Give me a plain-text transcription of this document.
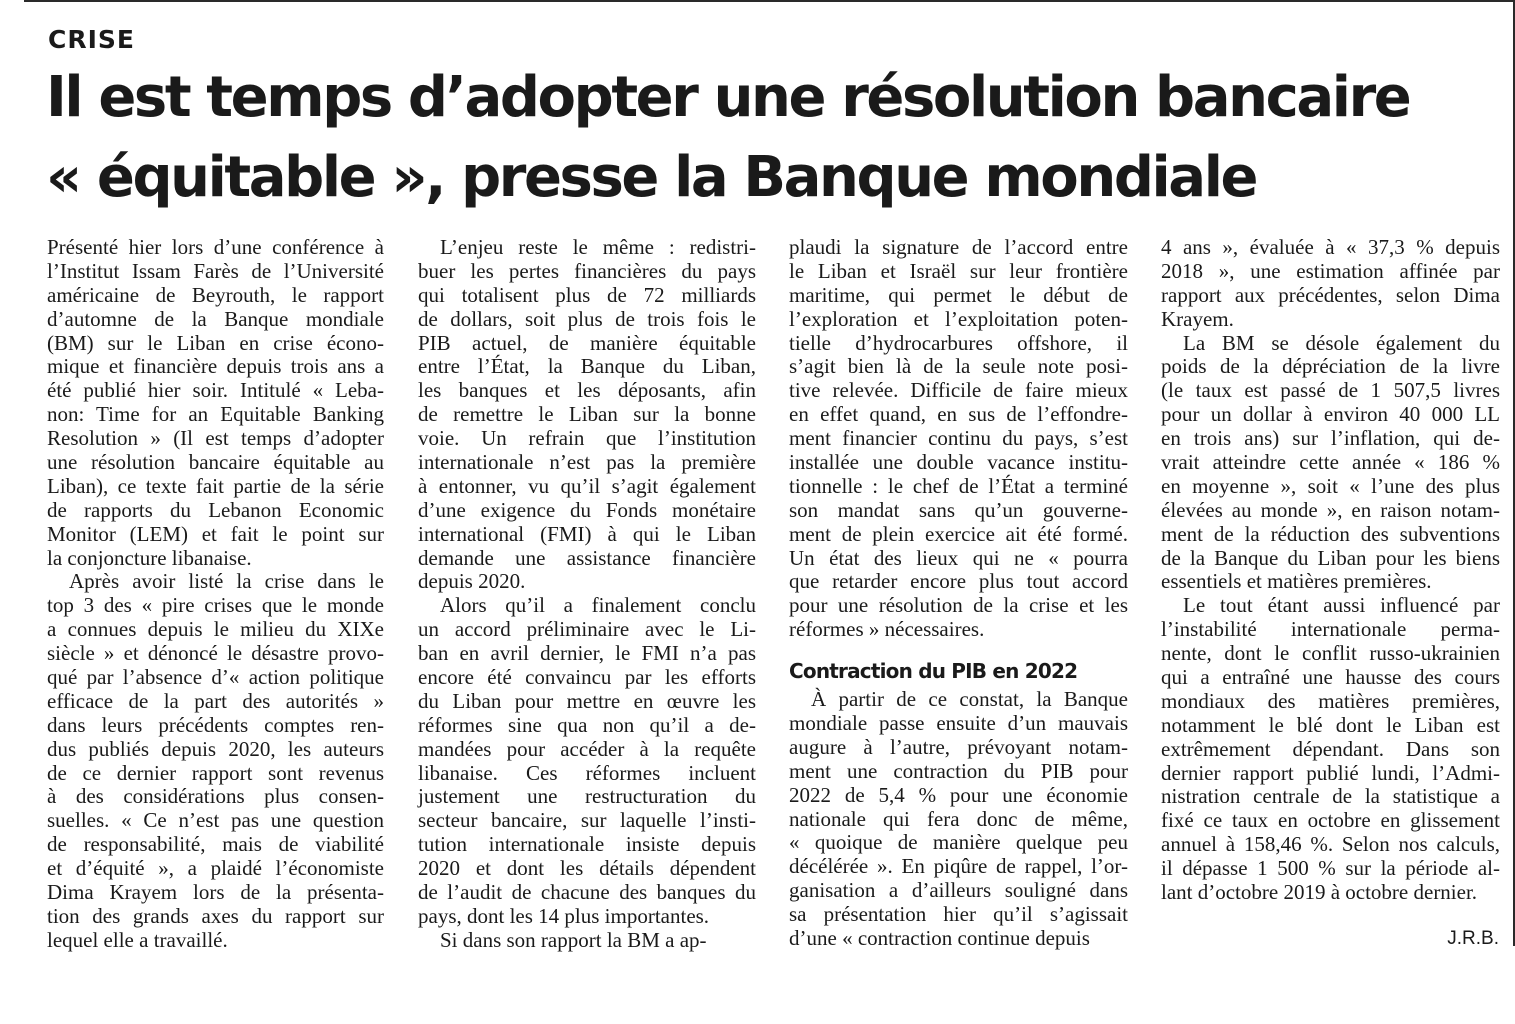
CRISE
Il est temps d’adopter une résolution bancaire
« équitable », presse la Banque mondiale
Présenté hier lors d’une conférence à
l’Institut Issam Farès de l’Université
américaine de Beyrouth, le rapport
d’automne de la Banque mondiale
(BM) sur le Liban en crise écono-
mique et financière depuis trois ans a
été publié hier soir. Intitulé « Leba-
non: Time for an Equitable Banking
Resolution » (Il est temps d’adopter
une résolution bancaire équitable au
Liban), ce texte fait partie de la série
de rapports du Lebanon Economic
Monitor (LEM) et fait le point sur
la conjoncture libanaise.
Après avoir listé la crise dans le
top 3 des « pire crises que le monde
a connues depuis le milieu du XIXe
siècle » et dénoncé le désastre provo-
qué par l’absence d’« action politique
efficace de la part des autorités »
dans leurs précédents comptes ren-
dus publiés depuis 2020, les auteurs
de ce dernier rapport sont revenus
à des considérations plus consen-
suelles. « Ce n’est pas une question
de responsabilité, mais de viabilité
et d’équité », a plaidé l’économiste
Dima Krayem lors de la présenta-
tion des grands axes du rapport sur
lequel elle a travaillé.
L’enjeu reste le même : redistri-
buer les pertes financières du pays
qui totalisent plus de 72 milliards
de dollars, soit plus de trois fois le
PIB actuel, de manière équitable
entre l’État, la Banque du Liban,
les banques et les déposants, afin
de remettre le Liban sur la bonne
voie. Un refrain que l’institution
internationale n’est pas la première
à entonner, vu qu’il s’agit également
d’une exigence du Fonds monétaire
international (FMI) à qui le Liban
demande une assistance financière
depuis 2020.
Alors qu’il a finalement conclu
un accord préliminaire avec le Li-
ban en avril dernier, le FMI n’a pas
encore été convaincu par les efforts
du Liban pour mettre en œuvre les
réformes sine qua non qu’il a de-
mandées pour accéder à la requête
libanaise. Ces réformes incluent
justement une restructuration du
secteur bancaire, sur laquelle l’insti-
tution internationale insiste depuis
2020 et dont les détails dépendent
de l’audit de chacune des banques du
pays, dont les 14 plus importantes.
Si dans son rapport la BM a ap-
plaudi la signature de l’accord entre
le Liban et Israël sur leur frontière
maritime, qui permet le début de
l’exploration et l’exploitation poten-
tielle d’hydrocarbures offshore, il
s’agit bien là de la seule note posi-
tive relevée. Difficile de faire mieux
en effet quand, en sus de l’effondre-
ment financier continu du pays, s’est
installée une double vacance institu-
tionnelle : le chef de l’État a terminé
son mandat sans qu’un gouverne-
ment de plein exercice ait été formé.
Un état des lieux qui ne « pourra
que retarder encore plus tout accord
pour une résolution de la crise et les
réformes » nécessaires.
Contraction du PIB en 2022
À partir de ce constat, la Banque
mondiale passe ensuite d’un mauvais
augure à l’autre, prévoyant notam-
ment une contraction du PIB pour
2022 de 5,4 % pour une économie
nationale qui fera donc de même,
« quoique de manière quelque peu
décélérée ». En piqûre de rappel, l’or-
ganisation a d’ailleurs souligné dans
sa présentation hier qu’il s’agissait
d’une « contraction continue depuis
4 ans », évaluée à « 37,3 % depuis
2018 », une estimation affinée par
rapport aux précédentes, selon Dima
Krayem.
La BM se désole également du
poids de la dépréciation de la livre
(le taux est passé de 1 507,5 livres
pour un dollar à environ 40 000 LL
en trois ans) sur l’inflation, qui de-
vrait atteindre cette année « 186 %
en moyenne », soit « l’une des plus
élevées au monde », en raison notam-
ment de la réduction des subventions
de la Banque du Liban pour les biens
essentiels et matières premières.
Le tout étant aussi influencé par
l’instabilité internationale perma-
nente, dont le conflit russo-ukrainien
qui a entraîné une hausse des cours
mondiaux des matières premières,
notamment le blé dont le Liban est
extrêmement dépendant. Dans son
dernier rapport publié lundi, l’Admi-
nistration centrale de la statistique a
fixé ce taux en octobre en glissement
annuel à 158,46 %. Selon nos calculs,
il dépasse 1 500 % sur la période al-
lant d’octobre 2019 à octobre dernier.
J.R.B.
